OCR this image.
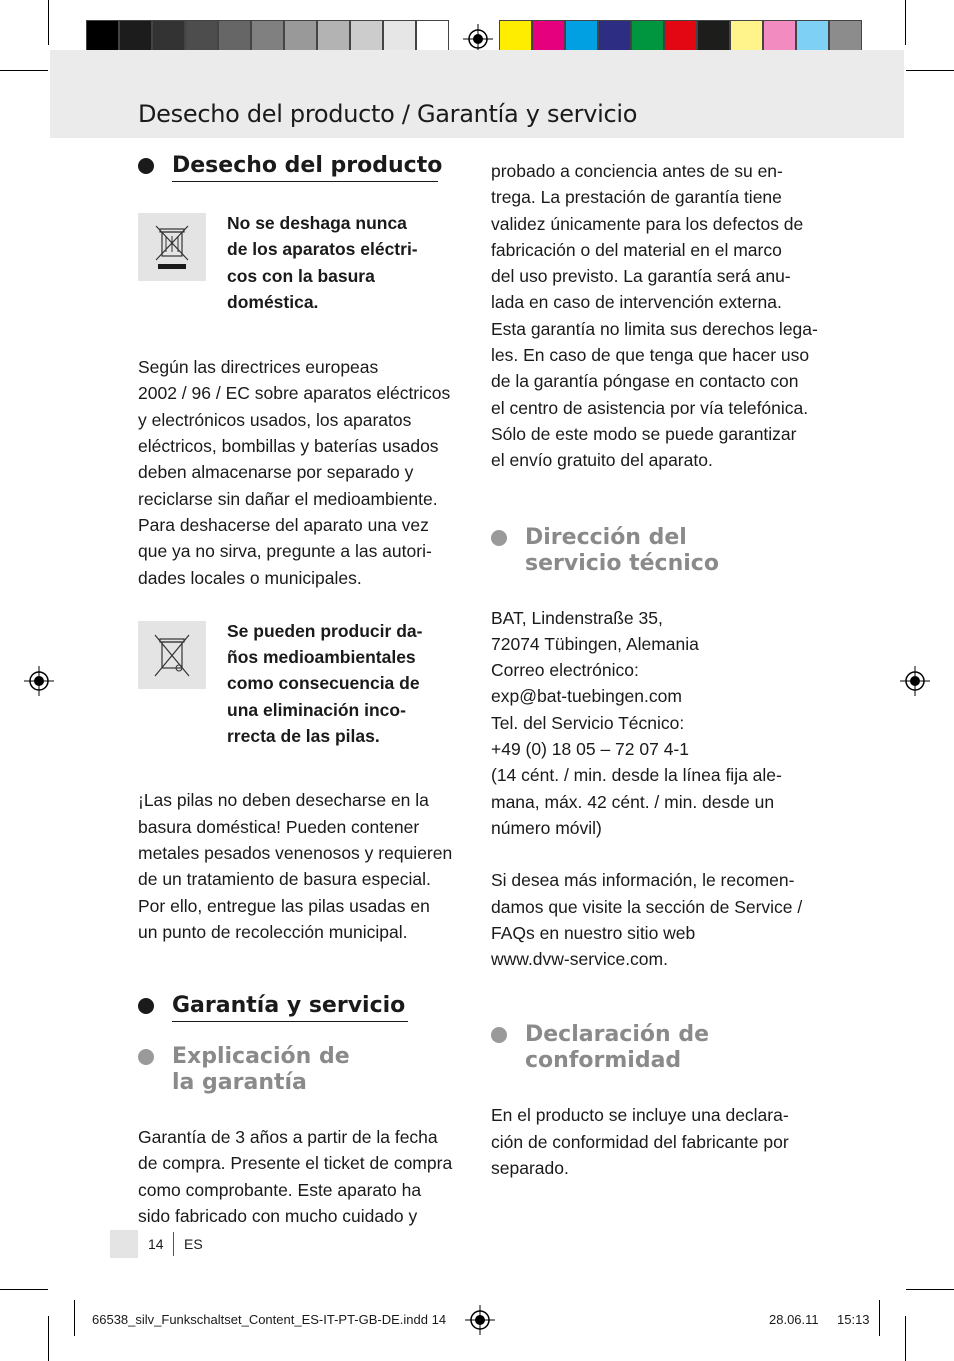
Desecho del producto / Garantía y servicio
Desecho del producto
No se deshaga nunca
de los aparatos eléctri-
cos con la basura
doméstica.
Según las directrices europeas
2002 / 96 / EC sobre aparatos eléctricos
y electrónicos usados, los aparatos
eléctricos, bombillas y baterías usados
deben almacenarse por separado y
reciclarse sin dañar el medioambiente.
Para deshacerse del aparato una vez
que ya no sirva, pregunte a las autori-
dades locales o municipales.
Se pueden producir da-
ños medioambientales
como consecuencia de
una eliminación inco-
rrecta de las pilas.
¡Las pilas no deben desecharse en la
basura doméstica! Pueden contener
metales pesados venenosos y requieren
de un tratamiento de basura especial.
Por ello, entregue las pilas usadas en
un punto de recolección municipal.
Garantía y servicio
Explicación de
la garantía
Garantía de 3 años a partir de la fecha
de compra. Presente el ticket de compra
como comprobante. Este aparato ha
sido fabricado con mucho cuidado y
probado a conciencia antes de su en-
trega. La prestación de garantía tiene
validez únicamente para los defectos de
fabricación o del material en el marco
del uso previsto. La garantía será anu-
lada en caso de intervención externa.
Esta garantía no limita sus derechos lega-
les. En caso de que tenga que hacer uso
de la garantía póngase en contacto con
el centro de asistencia por vía telefónica.
Sólo de este modo se puede garantizar
el envío gratuito del aparato.
Dirección del
servicio técnico
BAT, Lindenstraße 35,
72074 Tübingen, Alemania
Correo electrónico:
exp@bat-tuebingen.com
Tel. del Servicio Técnico:
+49 (0) 18 05 – 72 07 4-1
(14 cént. / min. desde la línea fija ale-
mana, máx. 42 cént. / min. desde un
número móvil)
Si desea más información, le recomen-
damos que visite la sección de Service /
FAQs en nuestro sitio web
www.dvw-service.com.
Declaración de
conformidad
En el producto se incluye una declara-
ción de conformidad del fabricante por
separado.
14 ES
66538_silv_Funkschaltset_Content_ES-IT-PT-GB-DE.indd 14	28.06.11 15:13
